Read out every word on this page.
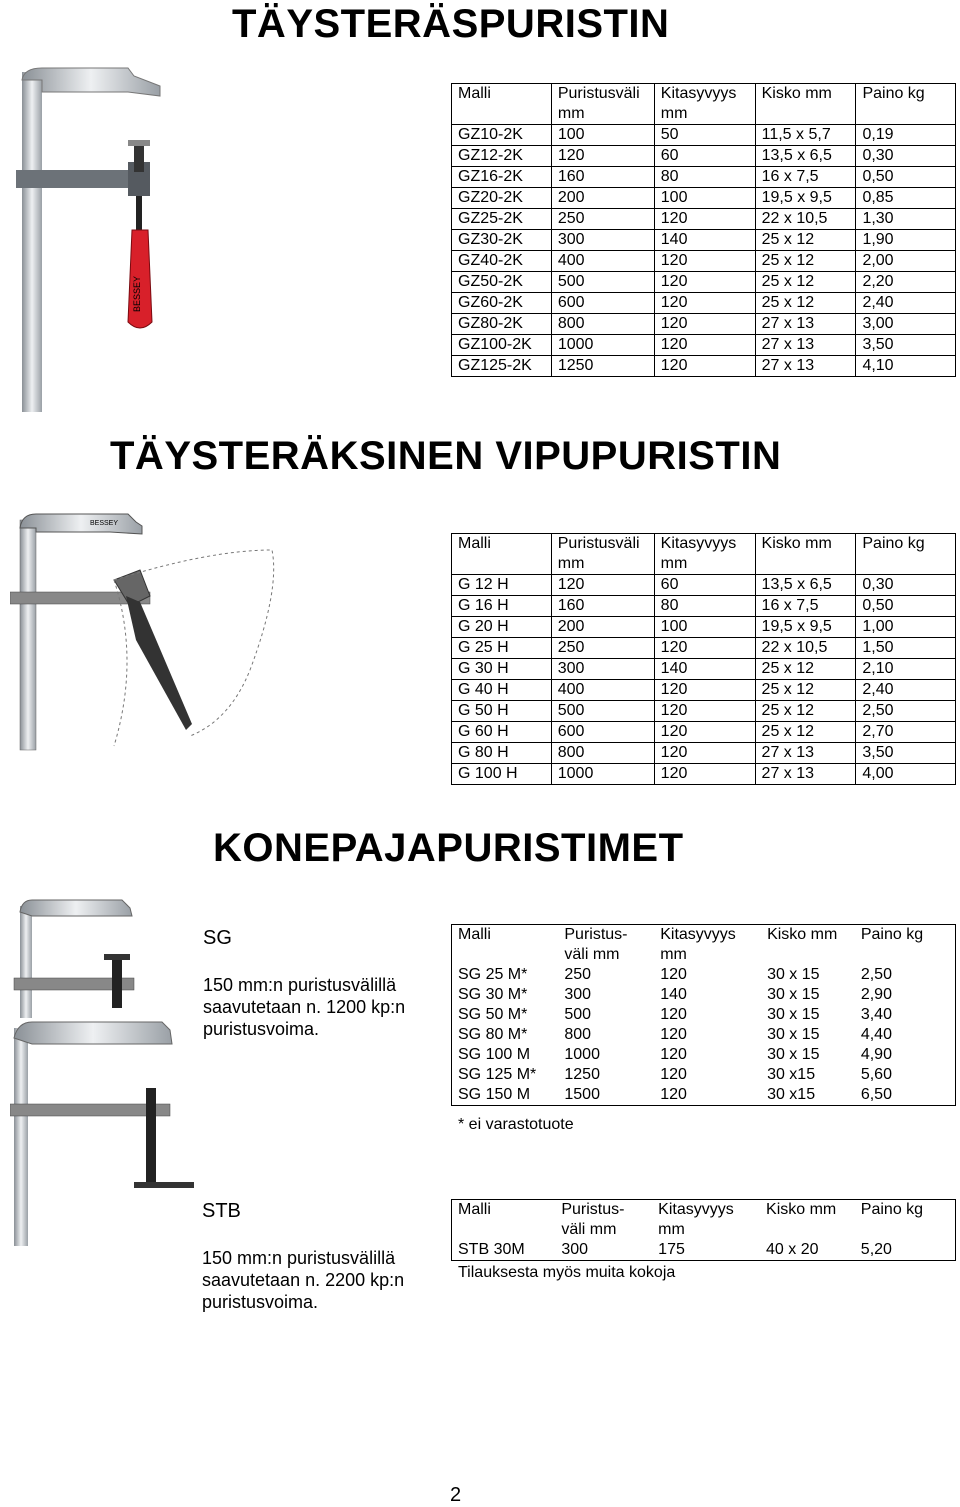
TÄYSTERÄSPURISTIN
BESSEY
Malli	Puristusväli mm	Kitasyvyys mm	Kisko mm	Paino kg
GZ10-2K	100	50	11,5 x 5,7	0,19
GZ12-2K	120	60	13,5 x 6,5	0,30
GZ16-2K	160	80	16 x 7,5	0,50
GZ20-2K	200	100	19,5 x 9,5	0,85
GZ25-2K	250	120	22 x 10,5	1,30
GZ30-2K	300	140	25 x 12	1,90
GZ40-2K	400	120	25 x 12	2,00
GZ50-2K	500	120	25 x 12	2,20
GZ60-2K	600	120	25 x 12	2,40
GZ80-2K	800	120	27 x 13	3,00
GZ100-2K	1000	120	27 x 13	3,50
GZ125-2K	1250	120	27 x 13	4,10
TÄYSTERÄKSINEN VIPUPURISTIN
BESSEY
Malli	Puristusväli mm	Kitasyvyys mm	Kisko mm	Paino kg
G 12 H	120	60	13,5 x 6,5	0,30
G 16 H	160	80	16 x 7,5	0,50
G 20 H	200	100	19,5 x 9,5	1,00
G 25 H	250	120	22 x 10,5	1,50
G 30 H	300	140	25 x 12	2,10
G 40 H	400	120	25 x 12	2,40
G 50 H	500	120	25 x 12	2,50
G 60 H	600	120	25 x 12	2,70
G 80 H	800	120	27 x 13	3,50
G 100 H	1000	120	27 x 13	4,00
KONEPAJAPURISTIMET
SG
150 mm:n puristusvälillä saavutetaan n. 1200 kp:n puristusvoima.
Malli	Puristus-väli mm	Kitasyvyys mm	Kisko mm	Paino kg
SG 25 M*	250	120	30 x 15	2,50
SG 30 M*	300	140	30 x 15	2,90
SG 50 M*	500	120	30 x 15	3,40
SG 80 M*	800	120	30 x 15	4,40
SG 100 M	1000	120	30 x 15	4,90
SG 125 M*	1250	120	30 x15	5,60
SG 150 M	1500	120	30 x15	6,50
* ei varastotuote
STB
150 mm:n puristusvälillä saavutetaan n. 2200 kp:n puristusvoima.
Malli	Puristus-väli mm	Kitasyvyys mm	Kisko mm	Paino kg
STB 30M	300	175	40 x 20	5,20
Tilauksesta myös muita kokoja
2
